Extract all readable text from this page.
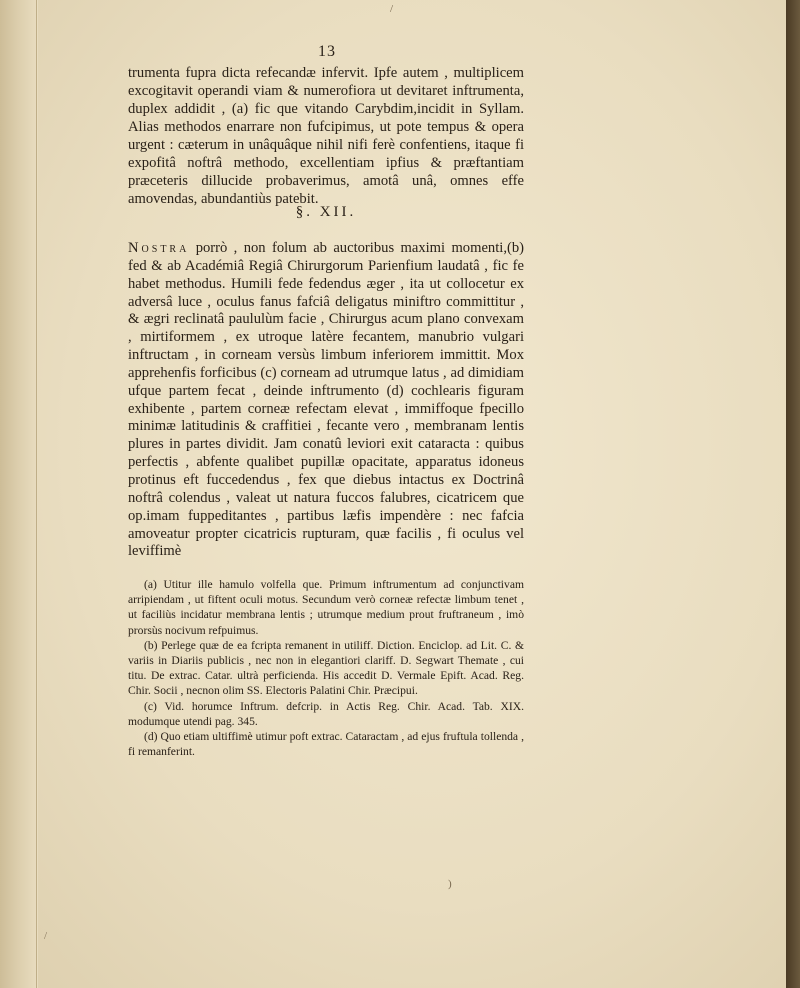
/
13

trumenta fupra dicta refecandæ infervit. Ipfe autem , multiplicem excogitavit operandi viam & numerofiora ut devitaret inftrumenta, duplex addidit , (a) fic que vitando Carybdim,incidit in Syllam. Alias methodos enarrare non fufcipimus, ut pote tempus & opera urgent : cæterum in unâquâque nihil nifi ferè confentiens, itaque fi expofitâ noftrâ methodo, excellentiam ipfius & præftantiam præceteris dillucide probaverimus, amotâ unâ, omnes effe amovendas, abundantiùs patebit.

§. XII.

Nostra porrò , non folum ab auctoribus maximi momenti,(b) fed & ab Académiâ Regiâ Chirurgorum Parienfium laudatâ , fic fe habet methodus. Humili fede fedendus æger , ita ut collocetur ex adversâ luce , oculus fanus fafciâ deligatus miniftro committitur , & ægri reclinatâ paululùm facie , Chirurgus acum plano convexam , mirtiformem , ex utroque latère fecantem, manubrio vulgari inftructam , in corneam versùs limbum inferiorem immittit. Mox apprehenfis forficibus (c) corneam ad utrumque latus , ad dimidiam ufque partem fecat , deinde inftrumento (d) cochlearis figuram exhibente , partem corneæ refectam elevat , immiffoque fpecillo minimæ latitudinis & craffitiei , fecante vero , membranam lentis plures in partes dividit. Jam conatû leviori exit cataracta : quibus perfectis , abfente qualibet pupillæ opacitate, apparatus idoneus protinus eft fuccedendus , fex que diebus intactus ex Doctrinâ noftrâ colendus , valeat ut natura fuccos falubres, cicatricem que op.imam fuppeditantes , partibus læfis impendère : nec fafcia amoveatur propter cicatricis rupturam, quæ facilis , fi oculus vel leviffimè

(a) Utitur ille hamulo volfella que. Primum inftrumentum ad conjunctivam arripiendam , ut fiftent oculi motus. Secundum verò corneæ refectæ limbum tenet , ut faciliùs incidatur membrana lentis ; utrumque medium prout fruftraneum , imò prorsùs nocivum refpuimus.

(b) Perlege quæ de ea fcripta remanent in utiliff. Diction. Enciclop. ad Lit. C. & variis in Diariis publicis , nec non in elegantiori clariff. D. Segwart Themate , cui titu. De extrac. Catar. ultrà perficienda. His accedit D. Vermale Epift. Acad. Reg. Chir. Socii , necnon olim SS. Electoris Palatini Chir. Præcipui.

(c) Vid. horumce Inftrum. defcrip. in Actis Reg. Chir. Acad. Tab. XIX. modumque utendi pag. 345.

(d) Quo etiam ultiffimè utimur poft extrac. Cataractam , ad ejus fruftula tollenda , fi remanferint.

)
/
